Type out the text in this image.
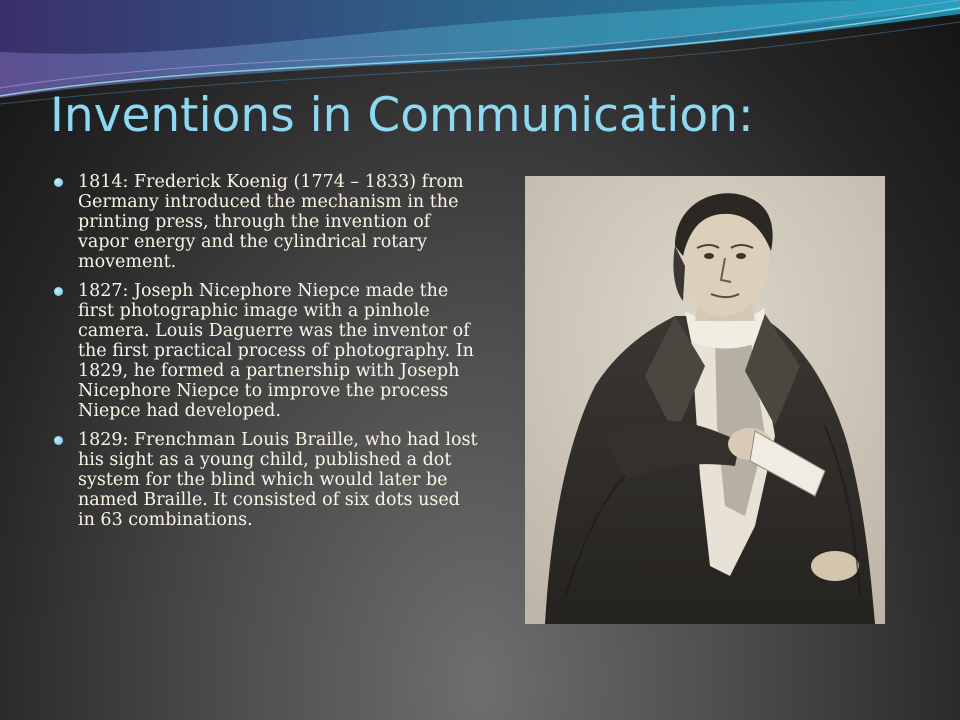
Inventions in Communication:
1814: Frederick Koenig (1774 – 1833) from Germany introduced the mechanism in the printing press, through the invention of vapor energy and the cylindrical rotary movement.
1827: Joseph Nicephore Niepce made the first photographic image with a pinhole camera. Louis Daguerre was the inventor of the first practical process of photography. In 1829, he formed a partnership with Joseph Nicephore Niepce to improve the process Niepce had developed.
1829: Frenchman Louis Braille, who had lost his sight as a young child, published a dot system for the blind which would later be named Braille. It consisted of six dots used in 63 combinations.
